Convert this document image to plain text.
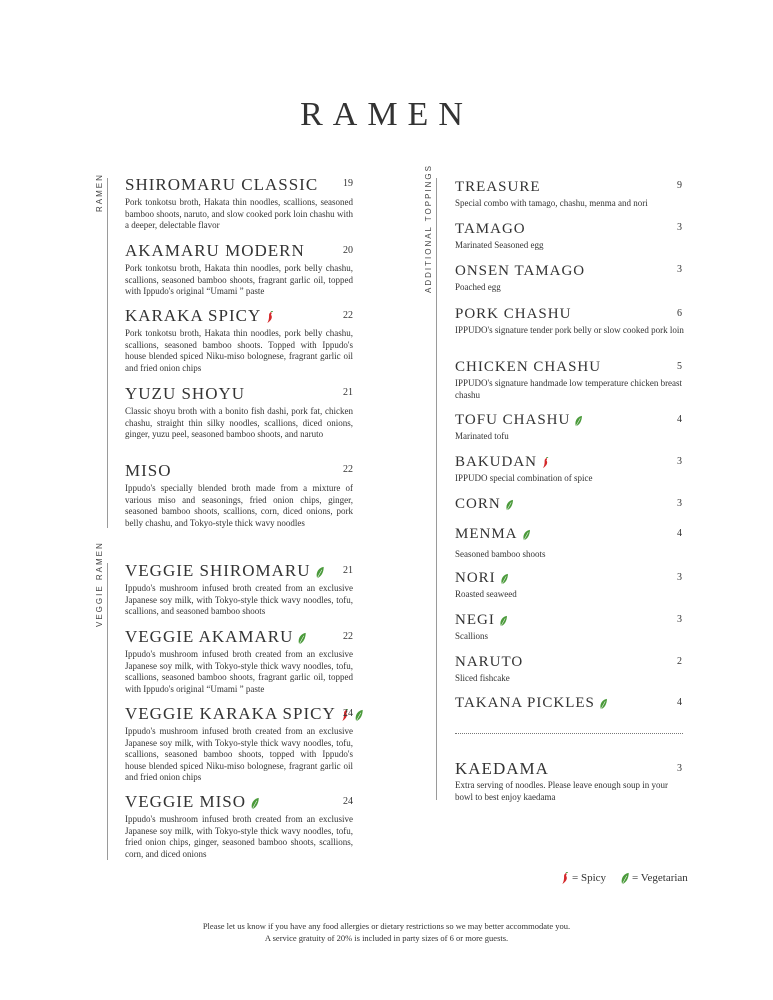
RAMEN
RAMEN
VEGGIE RAMEN
ADDITIONAL TOPPINGS
SHIROMARU CLASSIC
Pork tonkotsu broth, Hakata thin noodles, scallions, seasoned bamboo shoots, naruto, and slow cooked pork loin chashu with a deeper, delectable flavor
19
AKAMARU MODERN
Pork tonkotsu broth, Hakata thin noodles, pork belly chashu, scallions, seasoned bamboo shoots, fragrant garlic oil, topped with Ippudo's original “Umami ” paste
20
KARAKA SPICY
Pork tonkotsu broth, Hakata thin noodles, pork belly chashu, scallions, seasoned bamboo shoots. Topped with Ippudo's house blended spiced Niku-miso bolognese, fragrant garlic oil and fried onion chips
22
YUZU SHOYU
Classic shoyu broth with a bonito fish dashi, pork fat, chicken chashu, straight thin silky noodles, scallions, diced onions, ginger, yuzu peel, seasoned bamboo shoots, and naruto
21
MISO
Ippudo's specially blended broth made from a mixture of various miso and seasonings, fried onion chips, ginger, seasoned bamboo shoots, scallions, corn, diced onions, pork belly chashu, and Tokyo-style thick wavy noodles
22
VEGGIE SHIROMARU
Ippudo's mushroom infused broth created from an exclusive Japanese soy milk, with Tokyo-style thick wavy noodles, tofu, scallions, and seasoned bamboo shoots
21
VEGGIE AKAMARU
Ippudo's mushroom infused broth created from an exclusive Japanese soy milk, with Tokyo-style thick wavy noodles, tofu, scallions, seasoned bamboo shoots, fragrant garlic oil, topped with Ippudo's original “Umami ” paste
22
VEGGIE KARAKA SPICY
Ippudo's mushroom infused broth created from an exclusive Japanese soy milk, with Tokyo-style thick wavy noodles, tofu, scallions, seasoned bamboo shoots, topped with Ippudo's house blended spiced Niku-miso bolognese, fragrant garlic oil and fried onion chips
24
VEGGIE MISO
Ippudo's mushroom infused broth created from an exclusive Japanese soy milk, with Tokyo-style thick wavy noodles, tofu, fried onion chips, ginger, seasoned bamboo shoots, scallions, corn, and diced onions
24
TREASURE
Special combo with tamago, chashu, menma and nori
9
TAMAGO
Marinated Seasoned egg
3
ONSEN TAMAGO
Poached egg
3
PORK CHASHU
IPPUDO's signature tender pork belly or slow cooked pork loin
6
CHICKEN CHASHU
IPPUDO's signature handmade low temperature chicken breast chashu
5
TOFU CHASHU
Marinated tofu
4
BAKUDAN
IPPUDO special combination of spice
3
CORN	3
MENMA
Seasoned bamboo shoots
4
NORI
Roasted seaweed
3
NEGI
Scallions
3
NARUTO
Sliced fishcake
2
TAKANA PICKLES	4
KAEDAMA
Extra serving of noodles. Please leave enough soup in your bowl to best enjoy kaedama
3
= Spicy = Vegetarian
Please let us know if you have any food allergies or dietary restrictions so we may better accommodate you.
A service gratuity of 20% is included in party sizes of 6 or more guests.
